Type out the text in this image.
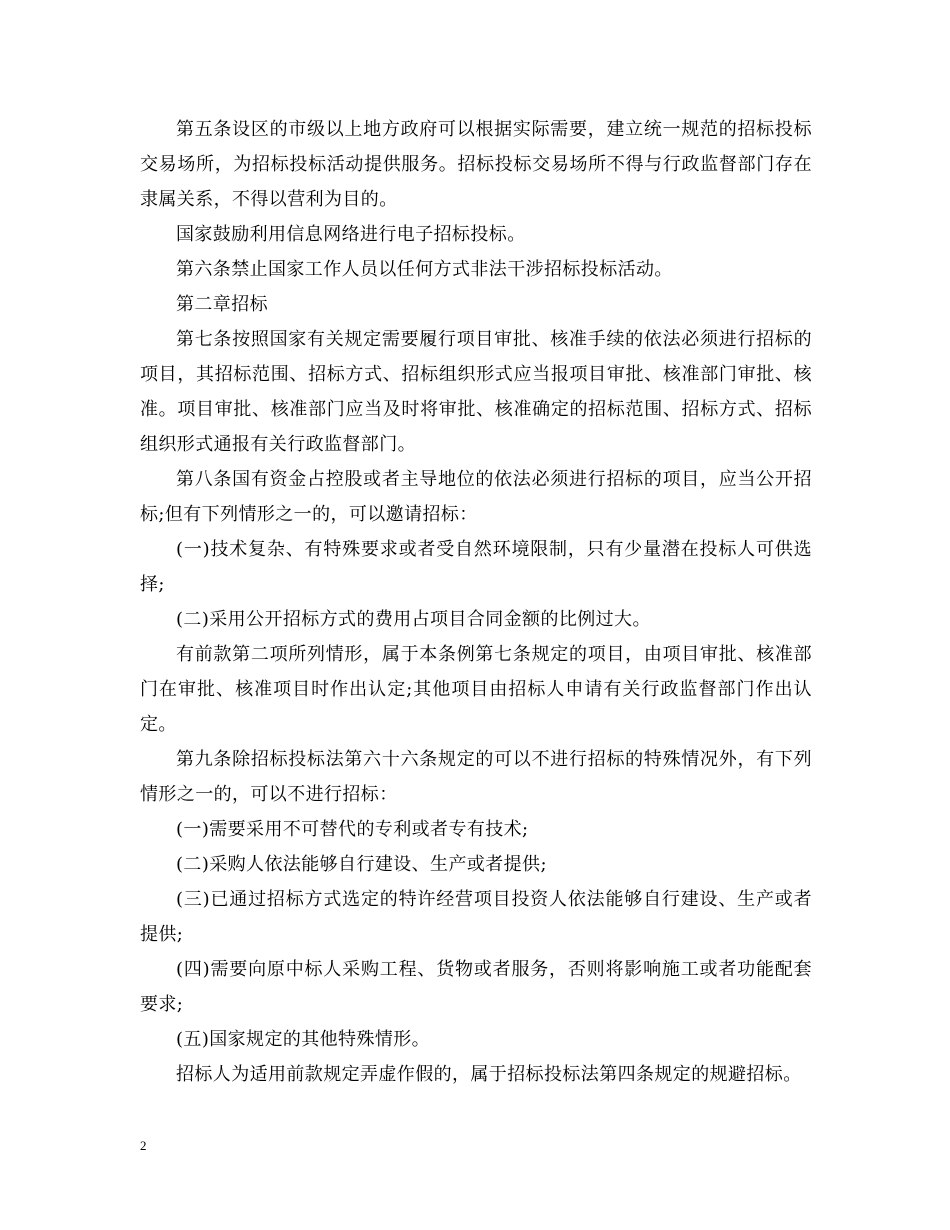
第五条设区的市级以上地方政府可以根据实际需要，建立统一规范的招标投标交易场所，为招标投标活动提供服务。招标投标交易场所不得与行政监督部门存在隶属关系，不得以营利为目的。

国家鼓励利用信息网络进行电子招标投标。

第六条禁止国家工作人员以任何方式非法干涉招标投标活动。

第二章招标

第七条按照国家有关规定需要履行项目审批、核准手续的依法必须进行招标的项目，其招标范围、招标方式、招标组织形式应当报项目审批、核准部门审批、核准。项目审批、核准部门应当及时将审批、核准确定的招标范围、招标方式、招标组织形式通报有关行政监督部门。

第八条国有资金占控股或者主导地位的依法必须进行招标的项目，应当公开招标;但有下列情形之一的，可以邀请招标：

(一)技术复杂、有特殊要求或者受自然环境限制，只有少量潜在投标人可供选择;

(二)采用公开招标方式的费用占项目合同金额的比例过大。

有前款第二项所列情形，属于本条例第七条规定的项目，由项目审批、核准部门在审批、核准项目时作出认定;其他项目由招标人申请有关行政监督部门作出认定。

第九条除招标投标法第六十六条规定的可以不进行招标的特殊情况外，有下列情形之一的，可以不进行招标：

(一)需要采用不可替代的专利或者专有技术;

(二)采购人依法能够自行建设、生产或者提供;

(三)已通过招标方式选定的特许经营项目投资人依法能够自行建设、生产或者提供;

(四)需要向原中标人采购工程、货物或者服务，否则将影响施工或者功能配套要求;

(五)国家规定的其他特殊情形。

招标人为适用前款规定弄虚作假的，属于招标投标法第四条规定的规避招标。

2
